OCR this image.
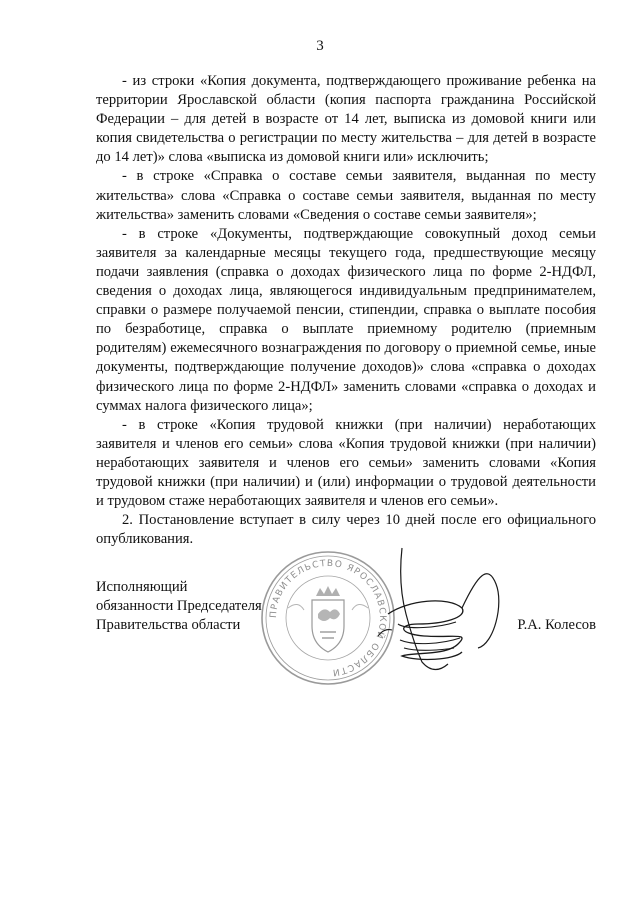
3

- из строки «Копия документа, подтверждающего проживание ребенка на территории Ярославской области (копия паспорта гражданина Российской Федерации – для детей в возрасте от 14 лет, выписка из домовой книги или копия свидетельства о регистрации по месту жительства – для детей в возрасте до 14 лет)» слова «выписка из домовой книги или» исключить;

- в строке «Справка о составе семьи заявителя, выданная по месту жительства» слова «Справка о составе семьи заявителя, выданная по месту жительства» заменить словами «Сведения о составе семьи заявителя»;

- в строке «Документы, подтверждающие совокупный доход семьи заявителя за календарные месяцы текущего года, предшествующие месяцу подачи заявления (справка о доходах физического лица по форме 2-НДФЛ, сведения о доходах лица, являющегося индивидуальным предпринимателем, справки о размере получаемой пенсии, стипендии, справка о выплате пособия по безработице, справка о выплате приемному родителю (приемным родителям) ежемесячного вознаграждения по договору о приемной семье, иные документы, подтверждающие получение доходов)» слова «справка о доходах физического лица по форме 2-НДФЛ» заменить словами «справка о доходах и суммах налога физического лица»;

- в строке «Копия трудовой книжки (при наличии) неработающих заявителя и членов его семьи» слова «Копия трудовой книжки (при наличии) неработающих заявителя и членов его семьи» заменить словами «Копия трудовой книжки (при наличии) и (или) информации о трудовой деятельности и трудовом стаже неработающих заявителя и членов его семьи».

2. Постановление вступает в силу через 10 дней после его официального опубликования.

Исполняющий
обязанности Председателя
Правительства области	Р.А. Колесов
ПРАВИТЕЛЬСТВО ЯРОСЛАВСКОЙ ОБЛАСТИ
